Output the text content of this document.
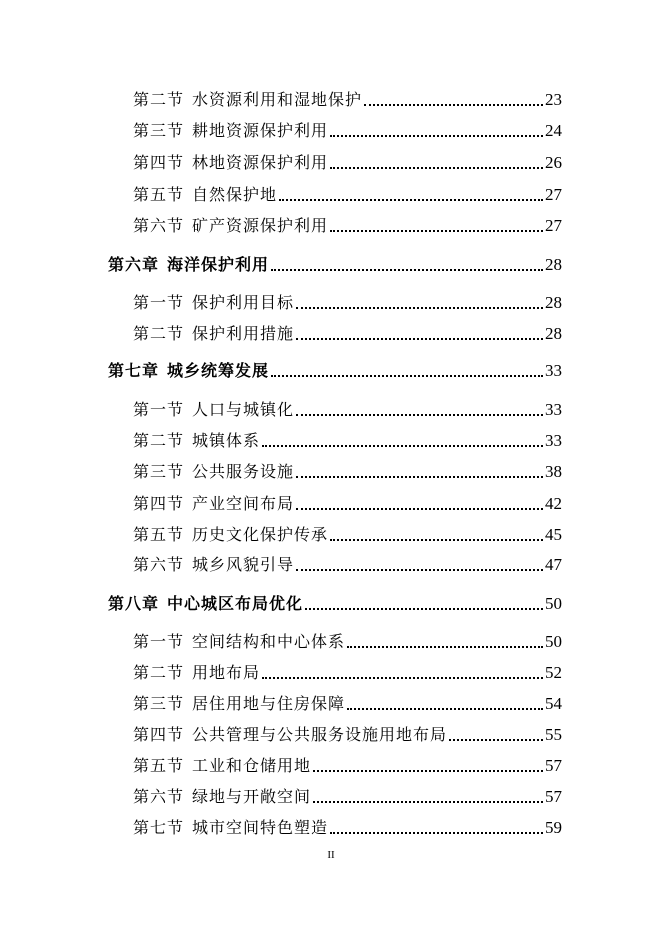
第二节 水资源利用和湿地保护	23
第三节 耕地资源保护利用	24
第四节 林地资源保护利用	26
第五节 自然保护地	27
第六节 矿产资源保护利用	27
第六章 海洋保护利用	28
第一节 保护利用目标	28
第二节 保护利用措施	28
第七章 城乡统筹发展	33
第一节 人口与城镇化	33
第二节 城镇体系	33
第三节 公共服务设施	38
第四节 产业空间布局	42
第五节 历史文化保护传承	45
第六节 城乡风貌引导	47
第八章 中心城区布局优化	50
第一节 空间结构和中心体系	50
第二节 用地布局	52
第三节 居住用地与住房保障	54
第四节 公共管理与公共服务设施用地布局	55
第五节 工业和仓储用地	57
第六节 绿地与开敞空间	57
第七节 城市空间特色塑造	59
II
